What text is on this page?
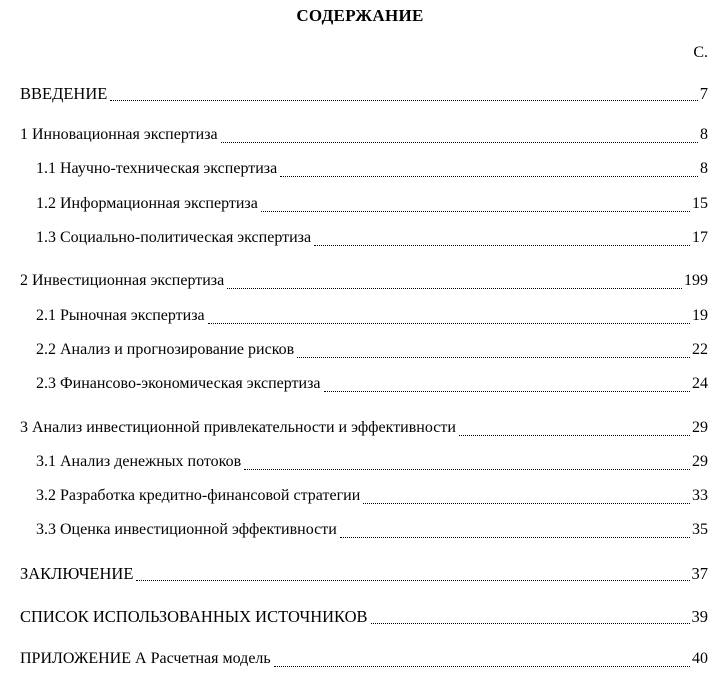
СОДЕРЖАНИЕ
С.
ВВЕДЕНИЕ	7
1 Инновационная экспертиза	8
1.1 Научно-техническая экспертиза	8
1.2 Информационная экспертиза	15
1.3 Социально-политическая экспертиза	17
2 Инвестиционная экспертиза	199
2.1 Рыночная экспертиза	19
2.2 Анализ и прогнозирование рисков	22
2.3 Финансово-экономическая экспертиза	24
3 Анализ инвестиционной привлекательности и эффективности	29
3.1 Анализ денежных потоков	29
3.2 Разработка кредитно-финансовой стратегии	33
3.3 Оценка инвестиционной эффективности	35
ЗАКЛЮЧЕНИЕ	37
СПИСОК ИСПОЛЬЗОВАННЫХ ИСТОЧНИКОВ	39
ПРИЛОЖЕНИЕ А Расчетная модель	40
